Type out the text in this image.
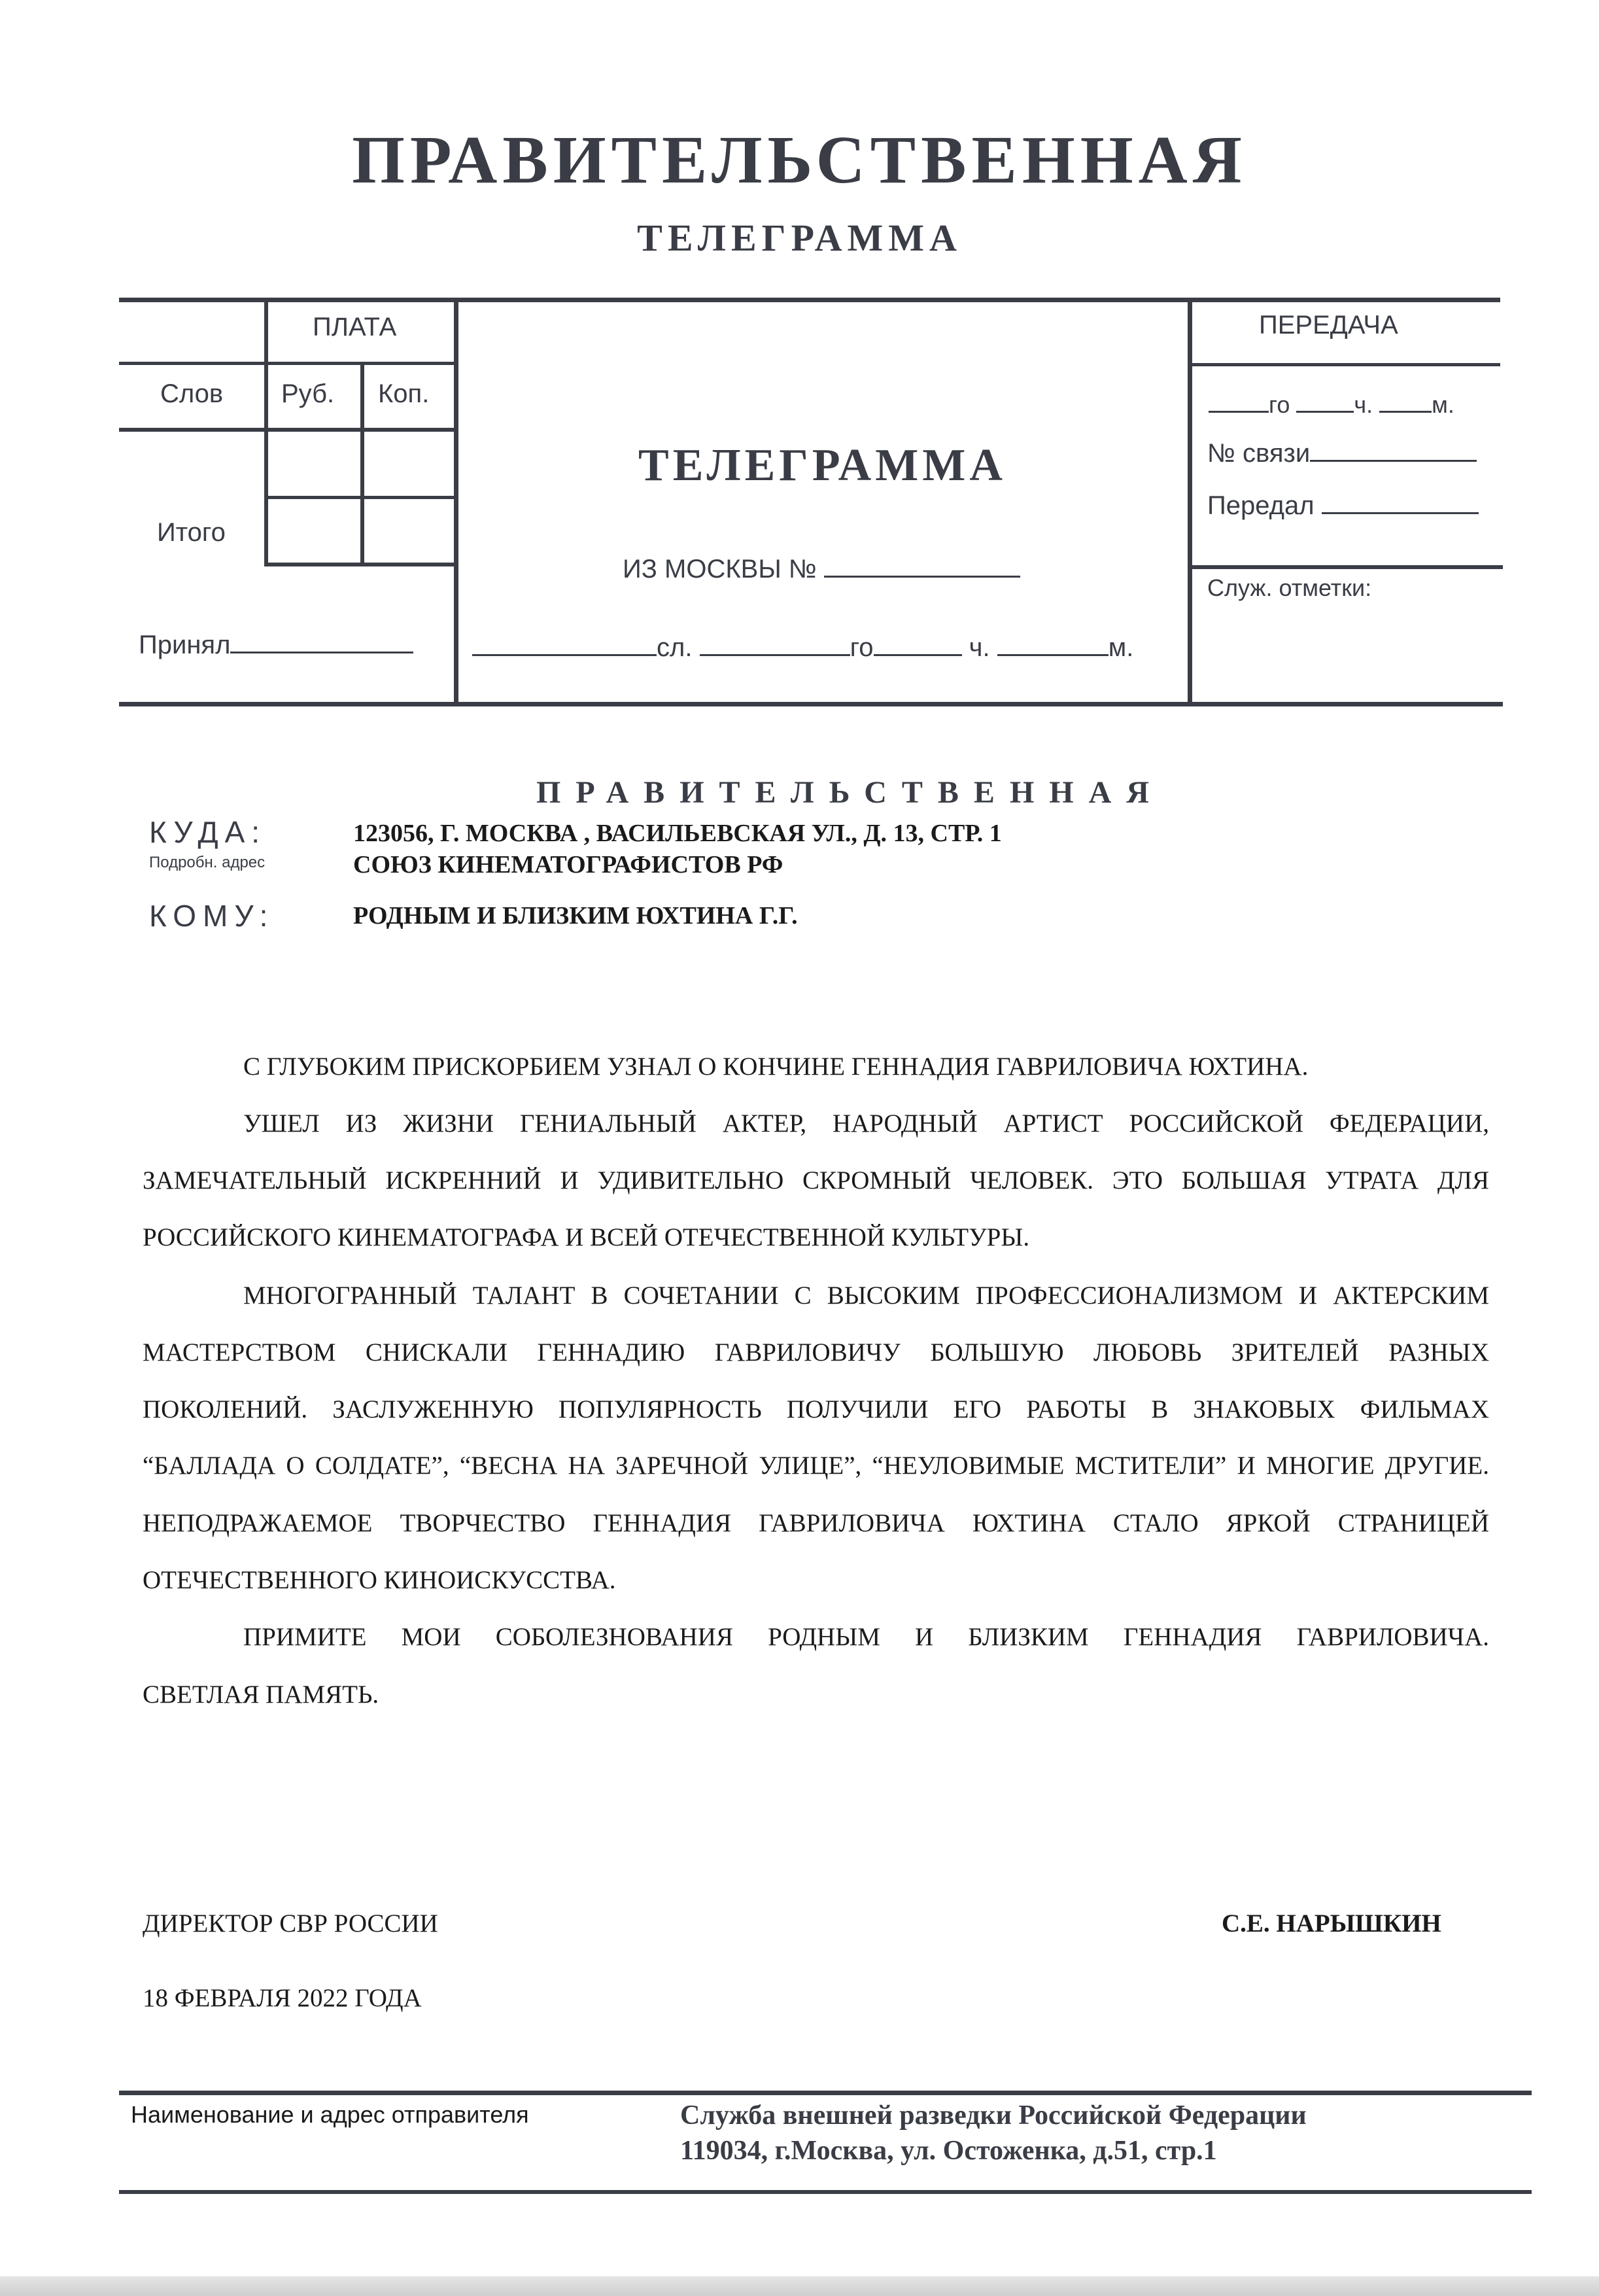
ПРАВИТЕЛЬСТВЕННАЯ
ТЕЛЕГРАММА
ПЛАТА
Слов Руб. Коп.
Итого
Принял
ТЕЛЕГРАММА
ИЗ МОСКВЫ №
сл.	го	ч.	м.
ПЕРЕДАЧА
го	ч.	м.
№ связи
Передал
Служ. отметки:
ПРАВИТЕЛЬСТВЕННАЯ
КУДА:
Подробн. адрес
123056, Г. МОСКВА , ВАСИЛЬЕВСКАЯ УЛ., Д. 13, СТР. 1
СОЮЗ КИНЕМАТОГРАФИСТОВ РФ
КОМУ:	РОДНЫМ И БЛИЗКИМ ЮХТИНА Г.Г.
С ГЛУБОКИМ ПРИСКОРБИЕМ УЗНАЛ О КОНЧИНЕ ГЕННАДИЯ ГАВРИЛОВИЧА ЮХТИНА.
УШЕЛ ИЗ ЖИЗНИ ГЕНИАЛЬНЫЙ АКТЕР, НАРОДНЫЙ АРТИСТ РОССИЙСКОЙ ФЕДЕРАЦИИ,
ЗАМЕЧАТЕЛЬНЫЙ ИСКРЕННИЙ И УДИВИТЕЛЬНО СКРОМНЫЙ ЧЕЛОВЕК. ЭТО БОЛЬШАЯ УТРАТА ДЛЯ
РОССИЙСКОГО КИНЕМАТОГРАФА И ВСЕЙ ОТЕЧЕСТВЕННОЙ КУЛЬТУРЫ.
МНОГОГРАННЫЙ ТАЛАНТ В СОЧЕТАНИИ С ВЫСОКИМ ПРОФЕССИОНАЛИЗМОМ И АКТЕРСКИМ
МАСТЕРСТВОМ СНИСКАЛИ ГЕННАДИЮ ГАВРИЛОВИЧУ БОЛЬШУЮ ЛЮБОВЬ ЗРИТЕЛЕЙ РАЗНЫХ
ПОКОЛЕНИЙ. ЗАСЛУЖЕННУЮ ПОПУЛЯРНОСТЬ ПОЛУЧИЛИ ЕГО РАБОТЫ В ЗНАКОВЫХ ФИЛЬМАХ
“БАЛЛАДА О СОЛДАТЕ”, “ВЕСНА НА ЗАРЕЧНОЙ УЛИЦЕ”, “НЕУЛОВИМЫЕ МСТИТЕЛИ” И МНОГИЕ ДРУГИЕ.
НЕПОДРАЖАЕМОЕ ТВОРЧЕСТВО ГЕННАДИЯ ГАВРИЛОВИЧА ЮХТИНА СТАЛО ЯРКОЙ СТРАНИЦЕЙ
ОТЕЧЕСТВЕННОГО КИНОИСКУССТВА.
ПРИМИТЕ МОИ СОБОЛЕЗНОВАНИЯ РОДНЫМ И БЛИЗКИМ ГЕННАДИЯ ГАВРИЛОВИЧА.
СВЕТЛАЯ ПАМЯТЬ.
ДИРЕКТОР СВР РОССИИ	С.Е. НАРЫШКИН
18 ФЕВРАЛЯ 2022 ГОДА
Наименование и адрес отправителя	Служба внешней разведки Российской Федерации
119034, г.Москва, ул. Остоженка, д.51, стр.1
